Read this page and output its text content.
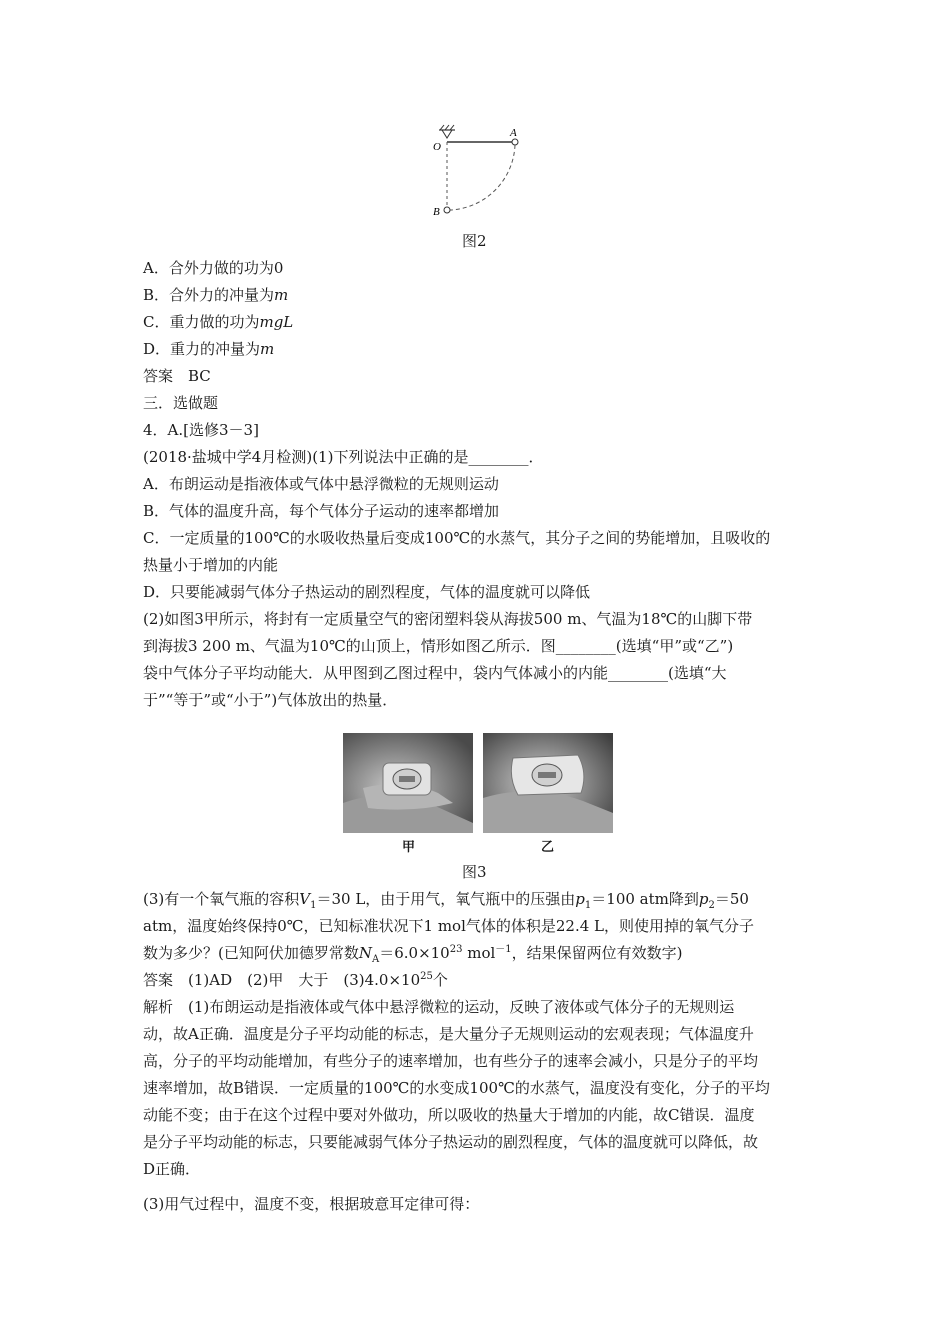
O
A
B
图2
A．合外力做的功为0
B．合外力的冲量为m
C．重力做的功为mgL
D．重力的冲量为m
答案　BC
三．选做题
4．A.[选修3－3]
(2018·盐城中学4月检测)(1)下列说法中正确的是________．
A．布朗运动是指液体或气体中悬浮微粒的无规则运动
B．气体的温度升高，每个气体分子运动的速率都增加
C．一定质量的100℃的水吸收热量后变成100℃的水蒸气，其分子之间的势能增加，且吸收的
热量小于增加的内能
D．只要能减弱气体分子热运动的剧烈程度，气体的温度就可以降低
(2)如图3甲所示，将封有一定质量空气的密闭塑料袋从海拔500 m、气温为18℃的山脚下带
到海拔3 200 m、气温为10℃的山顶上，情形如图乙所示．图________(选填“甲”或“乙”)
袋中气体分子平均动能大．从甲图到乙图过程中，袋内气体减小的内能________(选填“大
于”“等于”或“小于”)气体放出的热量．
甲	乙
图3
(3)有一个氧气瓶的容积$V_1=30$ L，由于用气，氧气瓶中的压强由$p_1=100$ atm降到$p_2=50$
atm，温度始终保持0℃，已知标准状况下1 mol气体的体积是22.4 L，则使用掉的氧气分子
数为多少？(已知阿伏加德罗常数$N_A=6.0\times 10^{23}$ mol$^{-1}$，结果保留两位有效数字)
答案　(1)AD　(2)甲　大于　$(3)4.0\times 10^{25}$个
解析　(1)布朗运动是指液体或气体中悬浮微粒的运动，反映了液体或气体分子的无规则运
动，故A正确．温度是分子平均动能的标志，是大量分子无规则运动的宏观表现；气体温度升
高，分子的平均动能增加，有些分子的速率增加，也有些分子的速率会减小，只是分子的平均
速率增加，故B错误．一定质量的100℃的水变成100℃的水蒸气，温度没有变化，分子的平均
动能不变；由于在这个过程中要对外做功，所以吸收的热量大于增加的内能，故C错误．温度
是分子平均动能的标志，只要能减弱气体分子热运动的剧烈程度，气体的温度就可以降低，故
D正确．
(3)用气过程中，温度不变，根据玻意耳定律可得：
